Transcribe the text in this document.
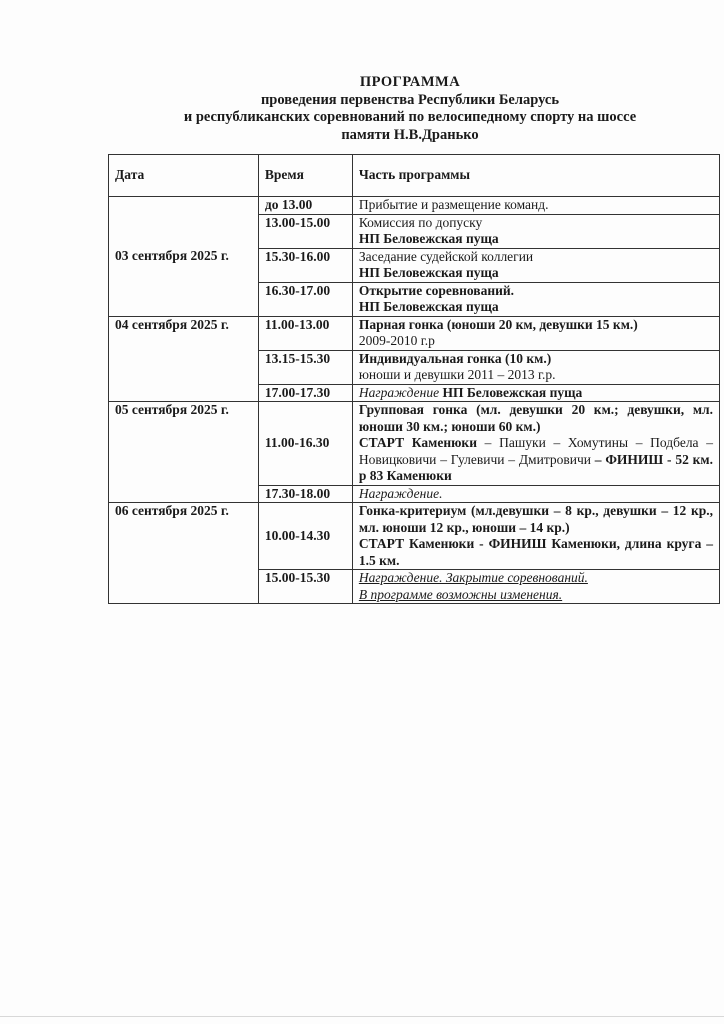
ПРОГРАММА
проведения первенства Республики Беларусь
и республиканских соревнований по велосипедному спорту на шоссе
памяти Н.В.Дранько
Дата	Время	Часть программы
03 сентября 2025 г.	до 13.00	Прибытие и размещение команд.
	13.00-15.00	Комиссия по допуску
НП Беловежская пуща

	15.30-16.00	Заседание судейской коллегии
НП Беловежская пуща

	16.30-17.00	Открытие соревнований.
НП Беловежская пуща

04 сентября 2025 г.	11.00-13.00	Парная гонка (юноши 20 км, девушки 15 км.)
2009-2010 г.р

	13.15-15.30	Индивидуальная гонка (10 км.)
юноши и девушки 2011 – 2013 г.р.

	17.00-17.30	Награждение НП Беловежская пуща
05 сентября 2025 г.	11.00-16.30	Групповая гонка (мл. девушки 20 км.; девушки, мл. юноши 30 км.; юноши 60 км.)
СТАРТ Каменюки – Пашуки – Хомутины – Подбела – Новицковичи – Гулевичи – Дмитровичи – ФИНИШ - 52 км. р 83 Каменюки

	17.30-18.00	Награждение.
06 сентября 2025 г.	10.00-14.30	Гонка-критериум (мл.девушки – 8 кр., девушки – 12 кр., мл. юноши 12 кр., юноши – 14 кр.)
СТАРТ Каменюки - ФИНИШ Каменюки, длина круга – 1.5 км.

	15.00-15.30	Награждение. Закрытие соревнований.
В программе возможны изменения.
